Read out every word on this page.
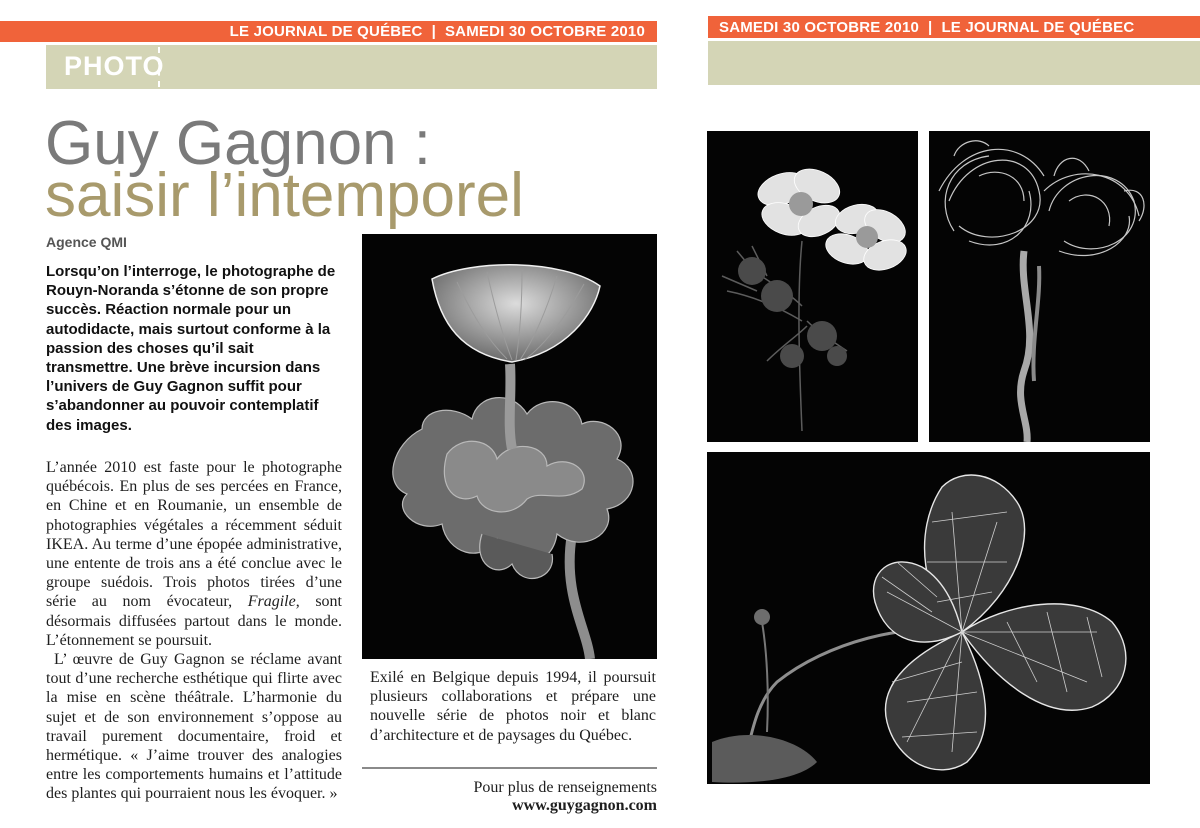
LE JOURNAL DE QUÉBEC | SAMEDI 30 OCTOBRE 2010
PHOTO
SAMEDI 30 OCTOBRE 2010 | LE JOURNAL DE QUÉBEC
Guy Gagnon :
saisir l’intemporel
Agence QMI
Lorsqu’on l’interroge, le photographe de Rouyn-Noranda s’étonne de son propre succès. Réaction normale pour un autodidacte, mais surtout conforme à la passion des choses qu’il sait transmettre. Une brève incursion dans l’univers de Guy Gagnon suffit pour s’abandonner au pouvoir contemplatif des images.

L’année 2010 est faste pour le photographe québécois. En plus de ses percées en France, en Chine et en Roumanie, un ensemble de photographies végétales a récemment séduit IKEA. Au terme d’une épopée administrative, une entente de trois ans a été conclue avec le groupe suédois. Trois photos tirées d’une série au nom évocateur, Fragile, sont désormais diffusées partout dans le monde. L’étonnement se poursuit.

L’ œuvre de Guy Gagnon se réclame avant tout d’une recherche esthétique qui flirte avec la mise en scène théâtrale. L’harmonie du sujet et de son environnement s’oppose au travail purement documentaire, froid et hermétique. « J’aime trouver des analogies entre les comportements humains et l’attitude des plantes qui pourraient nous les évoquer. »

Exilé en Belgique depuis 1994, il poursuit plusieurs collaborations et prépare une nouvelle série de photos noir et blanc d’architecture et de paysages du Québec.

Pour plus de renseignements
www.guygagnon.com
